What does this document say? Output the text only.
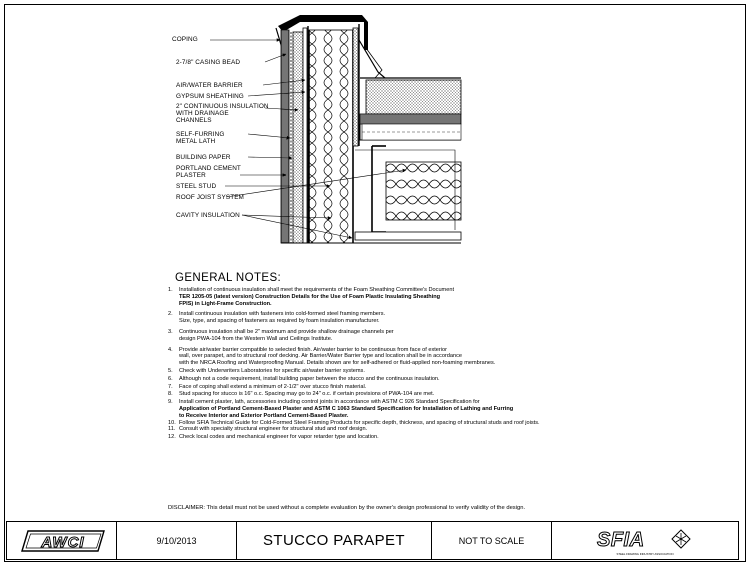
COPING
2-7/8" CASING BEAD
AIR/WATER BARRIER
GYPSUM SHEATHING
2" CONTINUOUS INSULATION
WITH DRAINAGE
CHANNELS
SELF-FURRING
METAL LATH
BUILDING PAPER
PORTLAND CEMENT
PLASTER
STEEL STUD
ROOF JOIST SYSTEM
CAVITY INSULATION
GENERAL NOTES:
1. Installation of continuous insulation shall meet the requirements of the Foam Sheathing Committee's Document
TER 1205-05 (latest version) Construction Details for the Use of Foam Plastic Insulating Sheathing
FPIS) in Light-Frame Construction.
2. Install continuous insulation with fasteners into cold-formed steel framing members.
Size, type, and spacing of fasteners as required by foam insulation manufacturer.
3. Continuous insulation shall be 2" maximum and provide shallow drainage channels per
design PWA-104 from the Western Wall and Ceilings Institute.
4. Provide air/water barrier compatible to selected finish. Air/water barrier to be continuous from face of exterior
wall, over parapet, and to structural roof decking. Air Barrier/Water Barrier type and location shall be in accordance
with the NRCA Roofing and Waterproofing Manual. Details shown are for self-adhered or fluid-applied non-foaming membranes.
5. Check with Underwriters Laboratories for specific air/water barrier systems.
6. Although not a code requirement, install building paper between the stucco and the continuous insulation.
7. Face of coping shall extend a minimum of 2-1/2" over stucco finish material.
8. Stud spacing for stucco is 16" o.c. Spacing may go to 24" o.c. if certain provisions of PWA-104 are met.
9. Install cement plaster, lath, accessories including control joints in accordance with ASTM C 926 Standard Specification for
Application of Portland Cement-Based Plaster and ASTM C 1063 Standard Specification for Installation of Lathing and Furring
to Receive Interior and Exterior Portland Cement-Based Plaster.
10. Follow SFIA Technical Guide for Cold-Formed Steel Framing Products for specific depth, thickness, and spacing of structural studs and roof joists.
11. Consult with specialty structural engineer for structural stud and roof design.
12. Check local codes and mechanical engineer for vapor retarder type and location.
DISCLAIMER: This detail must not be used without a complete evaluation by the owner's design professional to verify validity of the design.
AWCI	9/10/2013	STUCCO PARAPET	NOT TO SCALE	SFIA
STEEL FRAMING INDUSTRY ASSOCIATION
